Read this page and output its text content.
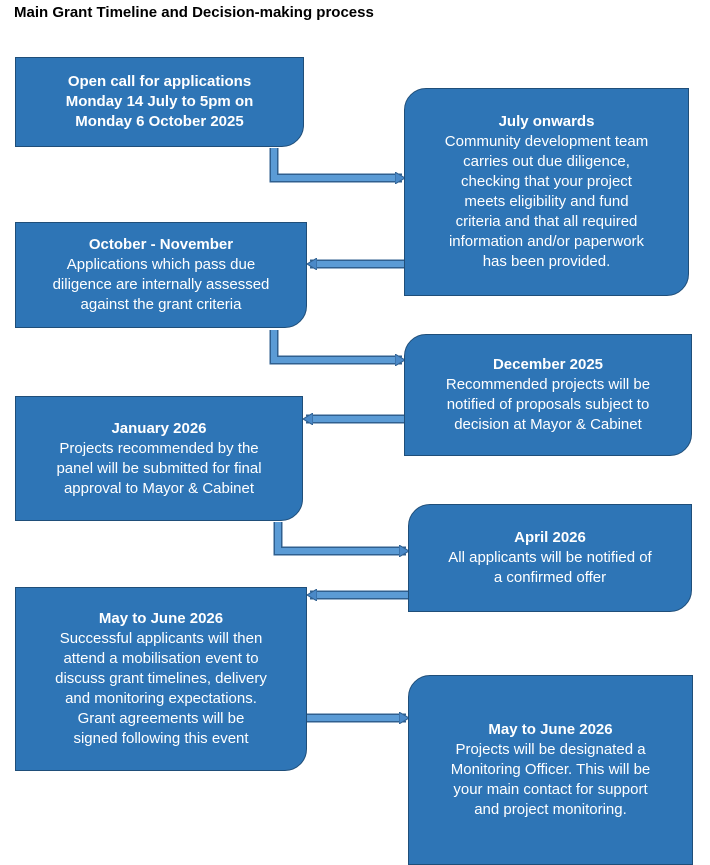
Main Grant Timeline and Decision-making process
Open call for applications
Monday 14 July to 5pm on
Monday 6 October 2025	July onwards
Community development team
carries out due diligence,
checking that your project
meets eligibility and fund
criteria and that all required
information and/or paperwork
has been provided.
October - November
Applications which pass due
diligence are internally assessed
against the grant criteria
December 2025
Recommended projects will be
notified of proposals subject to
decision at Mayor & Cabinet
January 2026
Projects recommended by the
panel will be submitted for final
approval to Mayor & Cabinet
April 2026
All applicants will be notified of
a confirmed offer
May to June 2026
Successful applicants will then
attend a mobilisation event to
discuss grant timelines, delivery
and monitoring expectations.
Grant agreements will be
signed following this event
May to June 2026
Projects will be designated a
Monitoring Officer. This will be
your main contact for support
and project monitoring.
